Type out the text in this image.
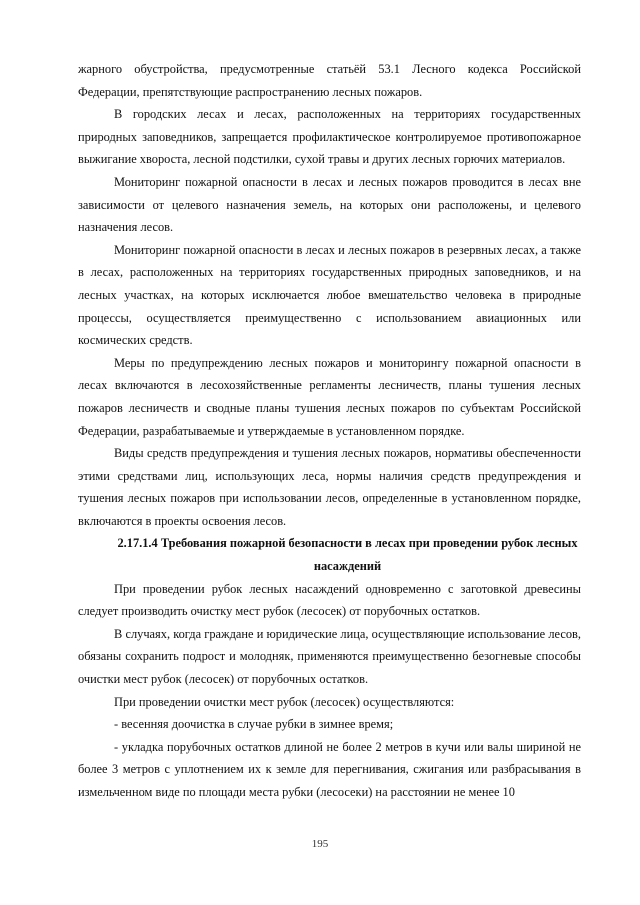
жарного обустройства, предусмотренные статьёй 53.1 Лесного кодекса Российской Федерации, препятствующие распространению лесных пожаров.

В городских лесах и лесах, расположенных на территориях государственных природных заповедников, запрещается профилактическое контролируемое противопожарное выжигание хвороста, лесной подстилки, сухой травы и других лесных горючих материалов.

Мониторинг пожарной опасности в лесах и лесных пожаров проводится в лесах вне зависимости от целевого назначения земель, на которых они расположены, и целевого назначения лесов.

Мониторинг пожарной опасности в лесах и лесных пожаров в резервных лесах, а также в лесах, расположенных на территориях государственных природных заповедников, и на лесных участках, на которых исключается любое вмешательство человека в природные процессы, осуществляется преимущественно с использованием авиационных или космических средств.

Меры по предупреждению лесных пожаров и мониторингу пожарной опасности в лесах включаются в лесохозяйственные регламенты лесничеств, планы тушения лесных пожаров лесничеств и сводные планы тушения лесных пожаров по субъектам Российской Федерации, разрабатываемые и утверждаемые в установленном порядке.

Виды средств предупреждения и тушения лесных пожаров, нормативы обеспеченности этими средствами лиц, использующих леса, нормы наличия средств предупреждения и тушения лесных пожаров при использовании лесов, определенные в установленном порядке, включаются в проекты освоения лесов.

2.17.1.4 Требования пожарной безопасности в лесах при проведении рубок лесных насаждений

При проведении рубок лесных насаждений одновременно с заготовкой древесины следует производить очистку мест рубок (лесосек) от порубочных остатков.

В случаях, когда граждане и юридические лица, осуществляющие использование лесов, обязаны сохранить подрост и молодняк, применяются преимущественно безогневые способы очистки мест рубок (лесосек) от порубочных остатков.

При проведении очистки мест рубок (лесосек) осуществляются:

- весенняя доочистка в случае рубки в зимнее время;

- укладка порубочных остатков длиной не более 2 метров в кучи или валы шириной не более 3 метров с уплотнением их к земле для перегнивания, сжигания или разбрасывания в измельченном виде по площади места рубки (лесосеки) на расстоянии не менее 10

195
